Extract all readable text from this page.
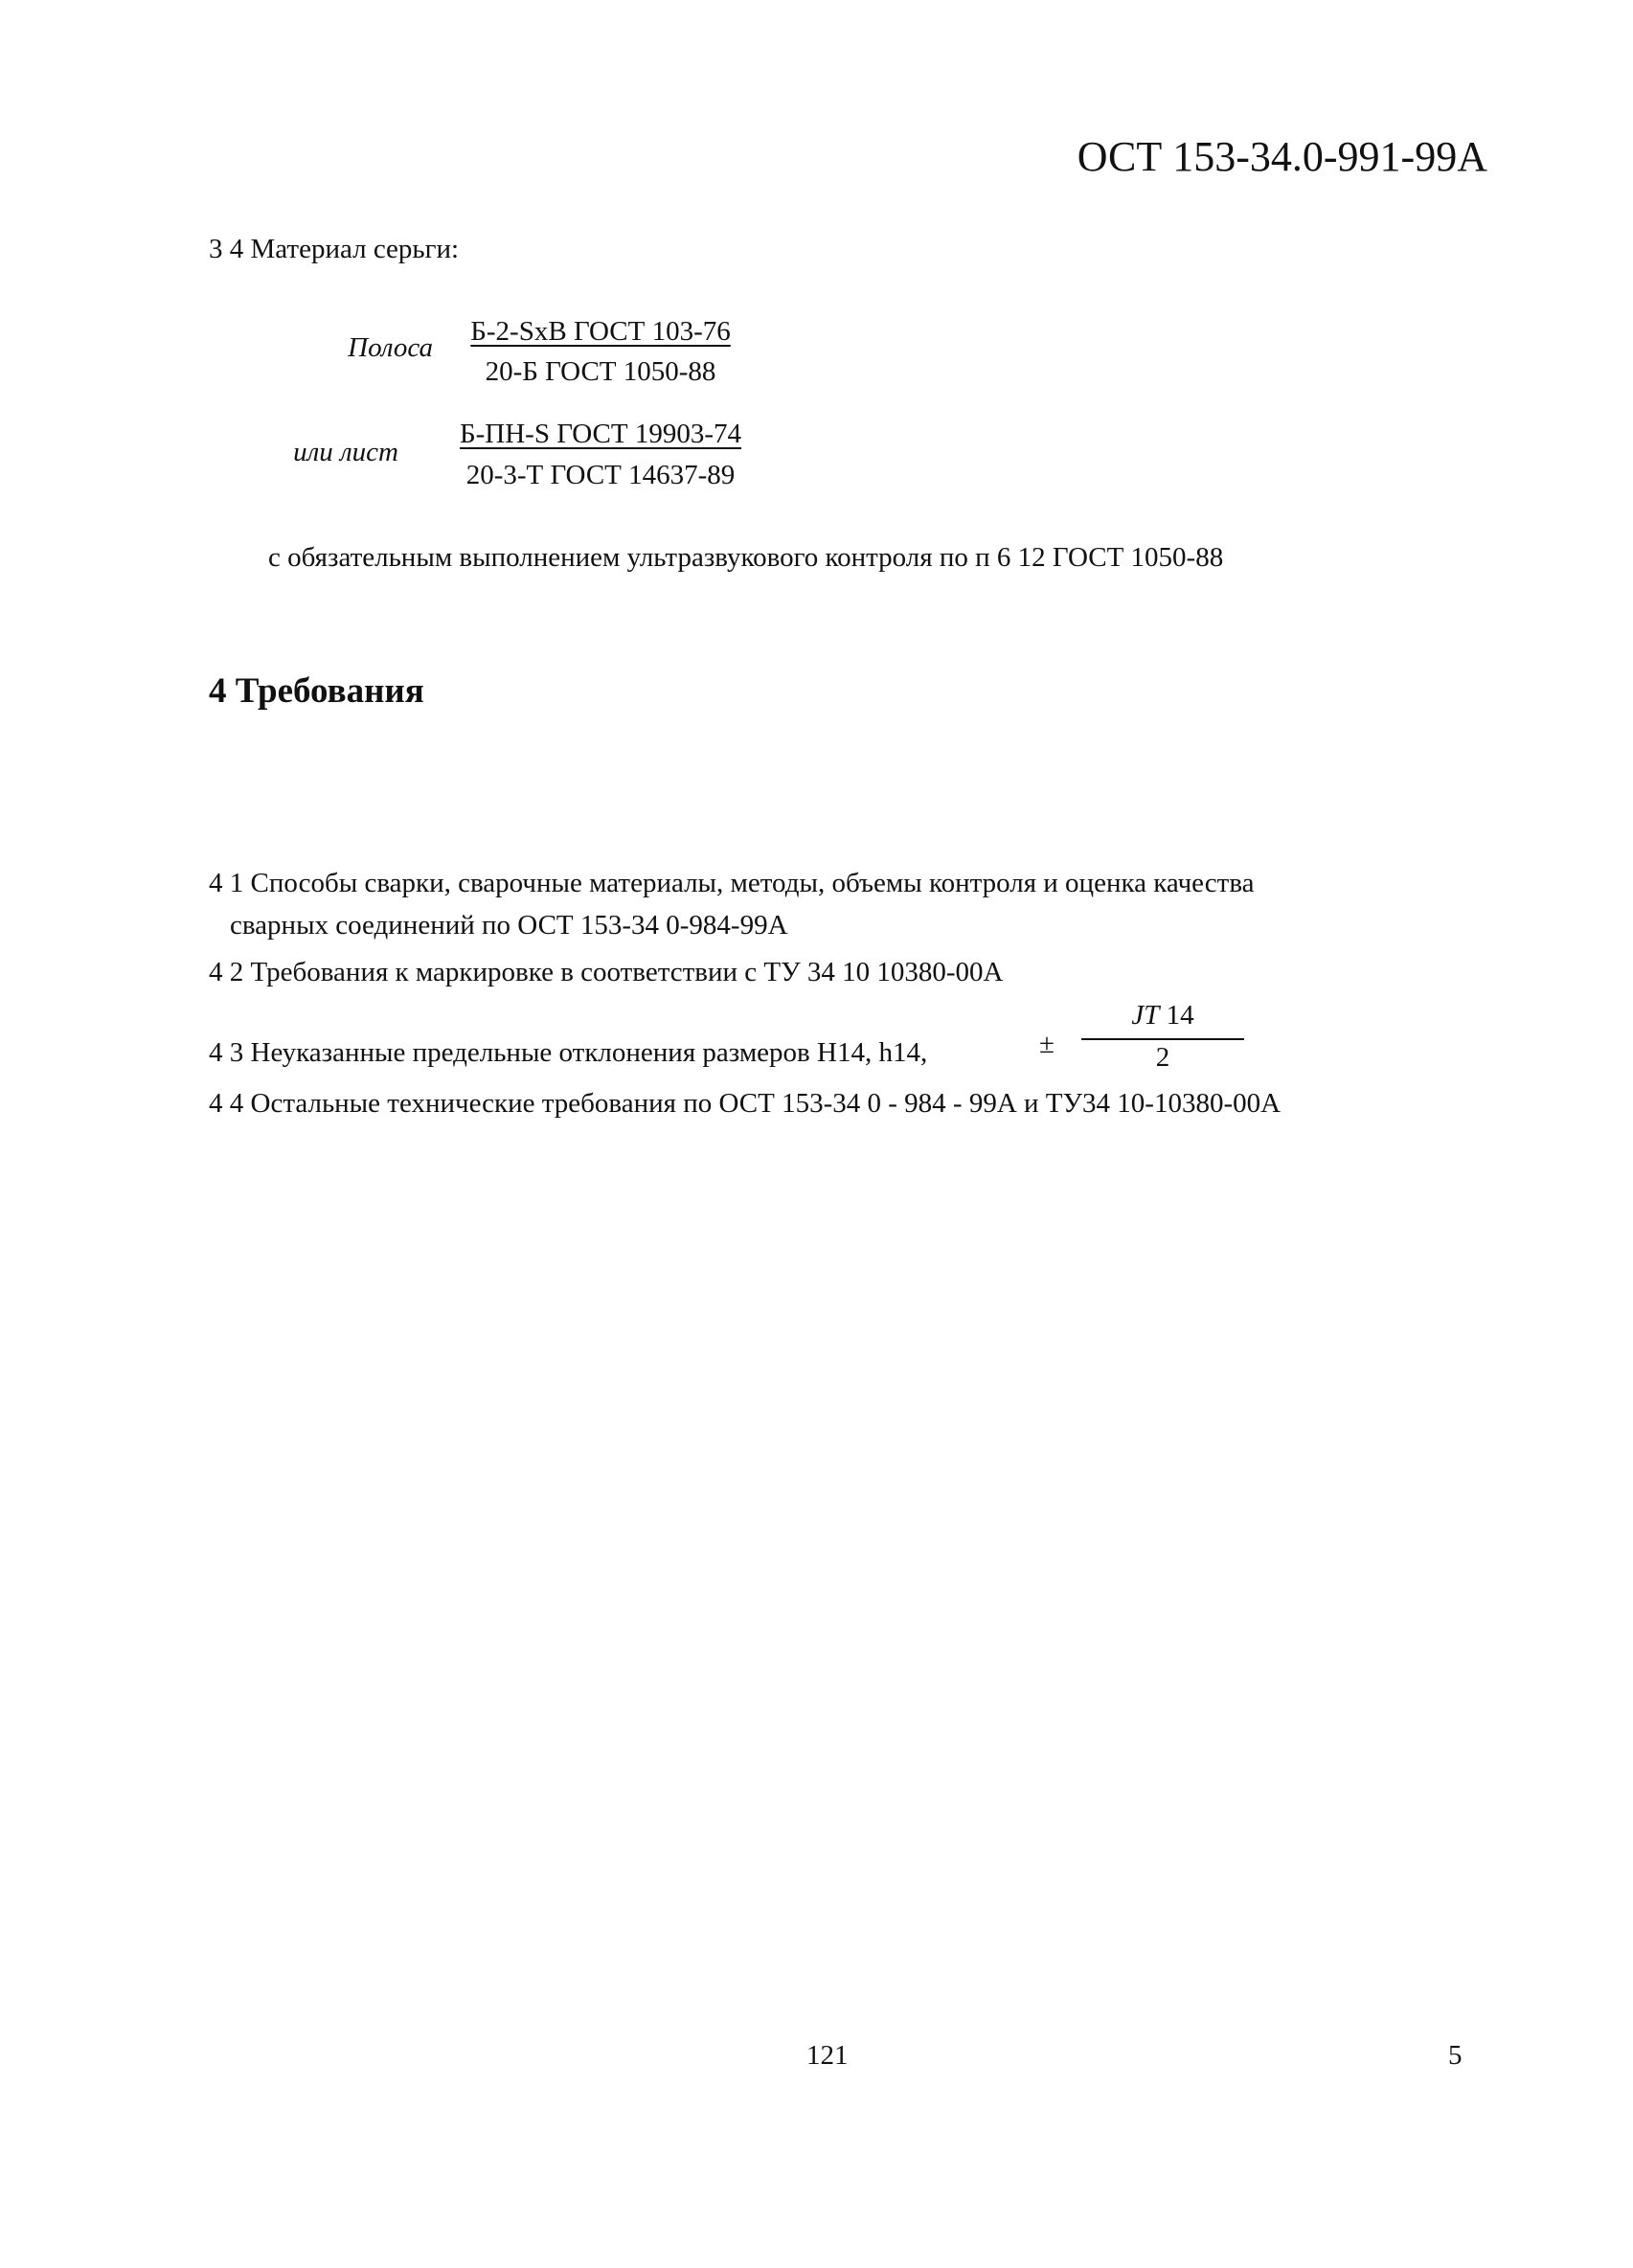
ОСТ 153-34.0-991-99А
3 4 Материал серьги:
Полоса
Б-2-SxB ГОСТ 103-76
20-Б ГОСТ 1050-88
или лист
Б-ПН-S ГОСТ 19903-74
20-3-Т ГОСТ 14637-89
с обязательным выполнением ультразвукового контроля по п 6 12 ГОСТ 1050-88
4 Требования
4 1 Способы сварки, сварочные материалы, методы, объемы контроля и оценка качества
сварных соединений по ОСТ 153-34 0-984-99А
4 2 Требования к маркировке в соответствии с ТУ 34 10 10380-00А
4 3 Неуказанные предельные отклонения размеров H14, h14,	±
JT 14
2
4 4 Остальные технические требования по ОСТ 153-34 0 - 984 - 99А и ТУ34 10-10380-00А
121	5
